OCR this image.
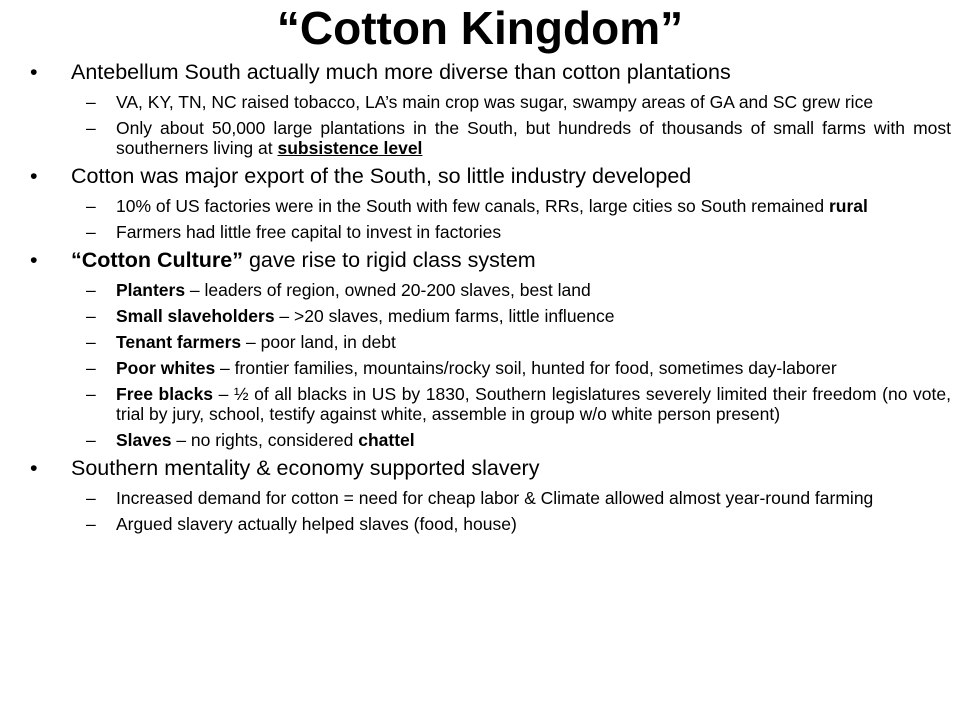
“Cotton Kingdom”
• Antebellum South actually much more diverse than cotton plantations
– VA, KY, TN, NC raised tobacco, LA’s main crop was sugar, swampy areas of GA and SC grew rice
– Only about 50,000 large plantations in the South, but hundreds of thousands of small farms with most southerners living at subsistence level
• Cotton was major export of the South, so little industry developed
– 10% of US factories were in the South with few canals, RRs, large cities so South remained rural
– Farmers had little free capital to invest in factories
• “Cotton Culture” gave rise to rigid class system
– Planters – leaders of region, owned 20-200 slaves, best land
– Small slaveholders – >20 slaves, medium farms, little influence
– Tenant farmers – poor land, in debt
– Poor whites – frontier families, mountains/rocky soil, hunted for food, sometimes day-laborer
– Free blacks – ½ of all blacks in US by 1830, Southern legislatures severely limited their freedom (no vote, trial by jury, school, testify against white, assemble in group w/o white person present)
– Slaves – no rights, considered chattel
• Southern mentality & economy supported slavery
– Increased demand for cotton = need for cheap labor & Climate allowed almost year-round farming
– Argued slavery actually helped slaves (food, house)
